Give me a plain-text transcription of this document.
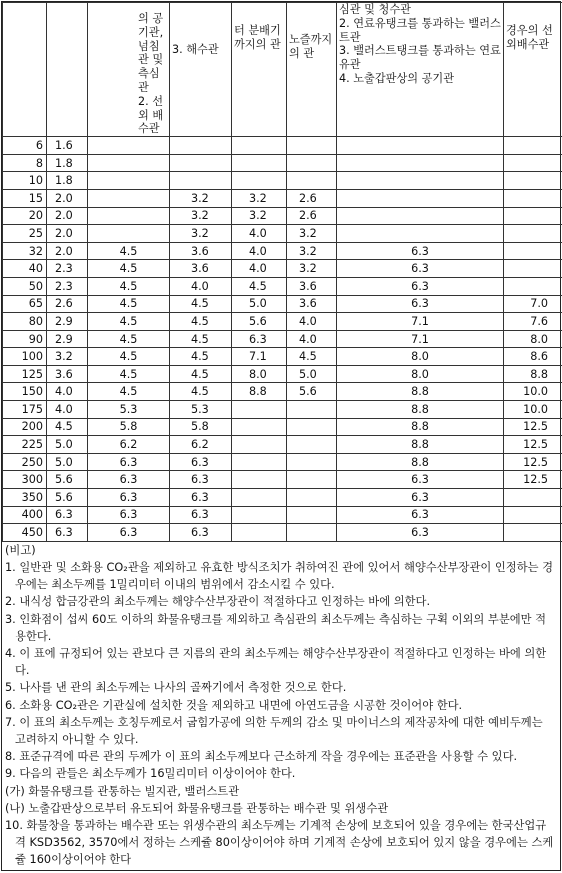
		의 공기관, 넘침관 및 측심관
2. 선외 배수관	3. 해수관	터 분배기까지의 관	노즐까지의 관	심관 및 청수관
2. 연료유탱크를 통과하는 밸러스트관
3. 밸러스트탱크를 통과하는 연료유관
4. 노출갑판상의 공기관	경우의 선외배수관
6	1.6						
8	1.8						
10	1.8						
15	2.0		3.2	3.2	2.6		
20	2.0		3.2	3.2	2.6		
25	2.0		3.2	4.0	3.2		
32	2.0	4.5	3.6	4.0	3.2	6.3	
40	2.3	4.5	3.6	4.0	3.2	6.3	
50	2.3	4.5	4.0	4.5	3.6	6.3	
65	2.6	4.5	4.5	5.0	3.6	6.3	7.0
80	2.9	4.5	4.5	5.6	4.0	7.1	7.6
90	2.9	4.5	4.5	6.3	4.0	7.1	8.0
100	3.2	4.5	4.5	7.1	4.5	8.0	8.6
125	3.6	4.5	4.5	8.0	5.0	8.0	8.8
150	4.0	4.5	4.5	8.8	5.6	8.8	10.0
175	4.0	5.3	5.3			8.8	10.0
200	4.5	5.8	5.8			8.8	12.5
225	5.0	6.2	6.2			8.8	12.5
250	5.0	6.3	6.3			8.8	12.5
300	5.6	6.3	6.3			6.3	12.5
350	5.6	6.3	6.3			6.3	
400	6.3	6.3	6.3			6.3	
450	6.3	6.3	6.3			6.3	

(비고)

1. 일반관 및 소화용 CO₂관을 제외하고 유효한 방식조치가 취하여진 관에 있어서 해양수산부장관이 인정하는 경우에는 최소두께를 1밀리미터 이내의 범위에서 감소시킬 수 있다.

2. 내식성 합금강관의 최소두께는 해양수산부장관이 적절하다고 인정하는 바에 의한다.

3. 인화점이 섭씨 60도 이하의 화물유탱크를 제외하고 측심관의 최소두께는 측심하는 구획 이외의 부분에만 적용한다.

4. 이 표에 규정되어 있는 관보다 큰 지름의 관의 최소두께는 해양수산부장관이 적절하다고 인정하는 바에 의한다.

5. 나사를 낸 관의 최소두께는 나사의 골짜기에서 측정한 것으로 한다.

6. 소화용 CO₂관은 기관실에 설치한 것을 제외하고 내면에 아연도금을 시공한 것이어야 한다.

7. 이 표의 최소두께는 호칭두께로서 굽힘가공에 의한 두께의 감소 및 마이너스의 제작공차에 대한 예비두께는 고려하지 아니할 수 있다.

8. 표준규격에 따른 관의 두께가 이 표의 최소두께보다 근소하게 작을 경우에는 표준관을 사용할 수 있다.

9. 다음의 관들은 최소두께가 16밀리미터 이상이어야 한다.

(가) 화물유탱크를 관통하는 빌지관, 밸러스트관

(나) 노출갑판상으로부터 유도되어 화물유탱크를 관통하는 배수관 및 위생수관

10. 화물창을 통과하는 배수관 또는 위생수관의 최소두께는 기계적 손상에 보호되어 있을 경우에는 한국산업규격 KSD3562, 3570에서 정하는 스케쥴 80이상이어야 하며 기계적 손상에 보호되어 있지 않을 경우에는 스케쥴 160이상이어야 한다
